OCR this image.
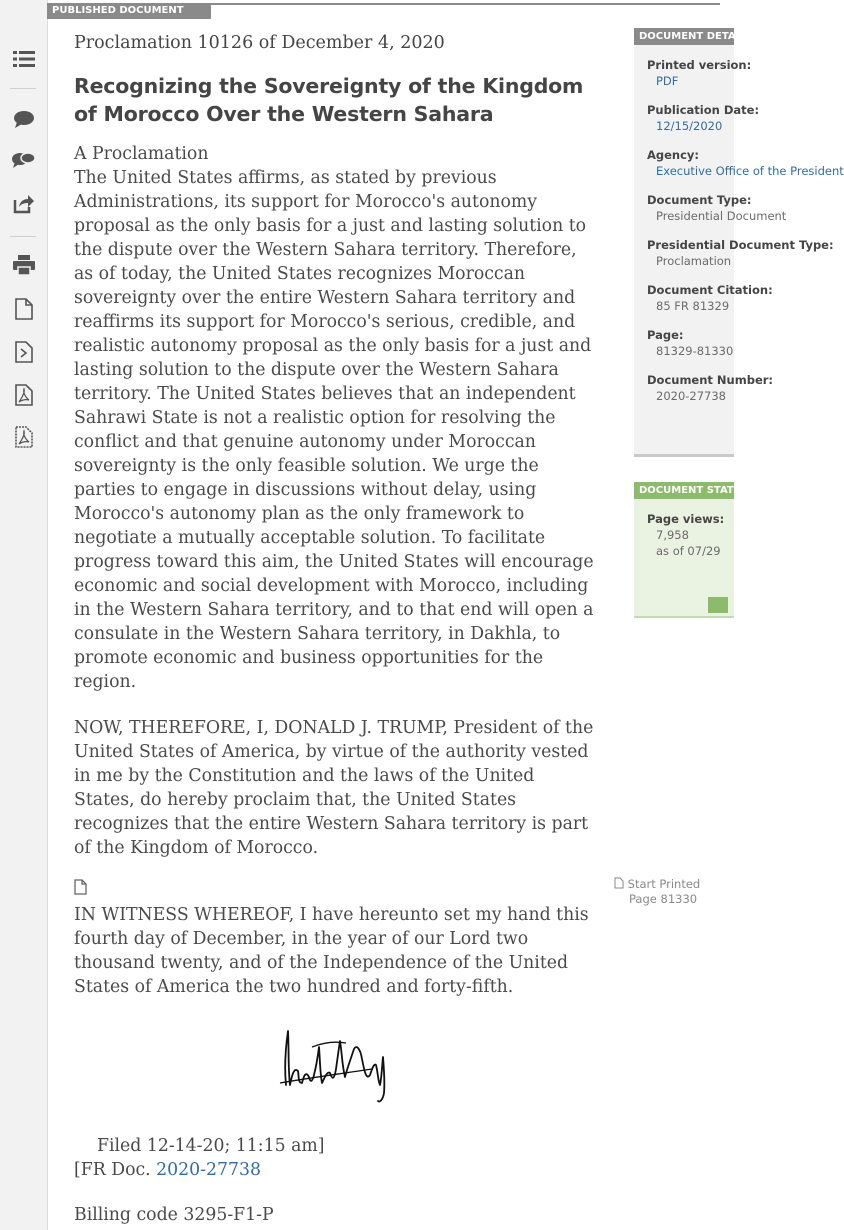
PUBLISHED DOCUMENT

Proclamation 10126 of December 4, 2020

Recognizing the Sovereignty of the Kingdom of Morocco Over the Western Sahara

A Proclamation

The United States affirms, as stated by previous Administrations, its support for Morocco's autonomy proposal as the only basis for a just and lasting solution to the dispute over the Western Sahara territory. Therefore, as of today, the United States recognizes Moroccan sovereignty over the entire Western Sahara territory and reaffirms its support for Morocco's serious, credible, and realistic autonomy proposal as the only basis for a just and lasting solution to the dispute over the Western Sahara territory. The United States believes that an independent Sahrawi State is not a realistic option for resolving the conflict and that genuine autonomy under Moroccan sovereignty is the only feasible solution. We urge the parties to engage in discussions without delay, using Morocco's autonomy plan as the only framework to negotiate a mutually acceptable solution. To facilitate progress toward this aim, the United States will encourage economic and social development with Morocco, including in the Western Sahara territory, and to that end will open a consulate in the Western Sahara territory, in Dakhla, to promote economic and business opportunities for the region.

NOW, THEREFORE, I, DONALD J. TRUMP, President of the United States of America, by virtue of the authority vested in me by the Constitution and the laws of the United States, do hereby proclaim that, the United States recognizes that the entire Western Sahara territory is part of the Kingdom of Morocco.

IN WITNESS WHEREOF, I have hereunto set my hand this fourth day of December, in the year of our Lord two thousand twenty, and of the Independence of the United States of America the two hundred and forty-fifth.

Filed 12-14-20; 11:15 am]
[FR Doc. 2020-27738
Billing code 3295-F1-P
DOCUMENT DETAILS
Printed version:
PDF
Publication Date:
12/15/2020
Agency:
Executive Office of the President
Document Type:
Presidential Document
Presidential Document Type:
Proclamation
Document Citation:
85 FR 81329
Page:
81329-81330
Document Number:
2020-27738
DOCUMENT STATISTICS
Page views:
7,958
as of 07/29
Start Printed
Page 81330
